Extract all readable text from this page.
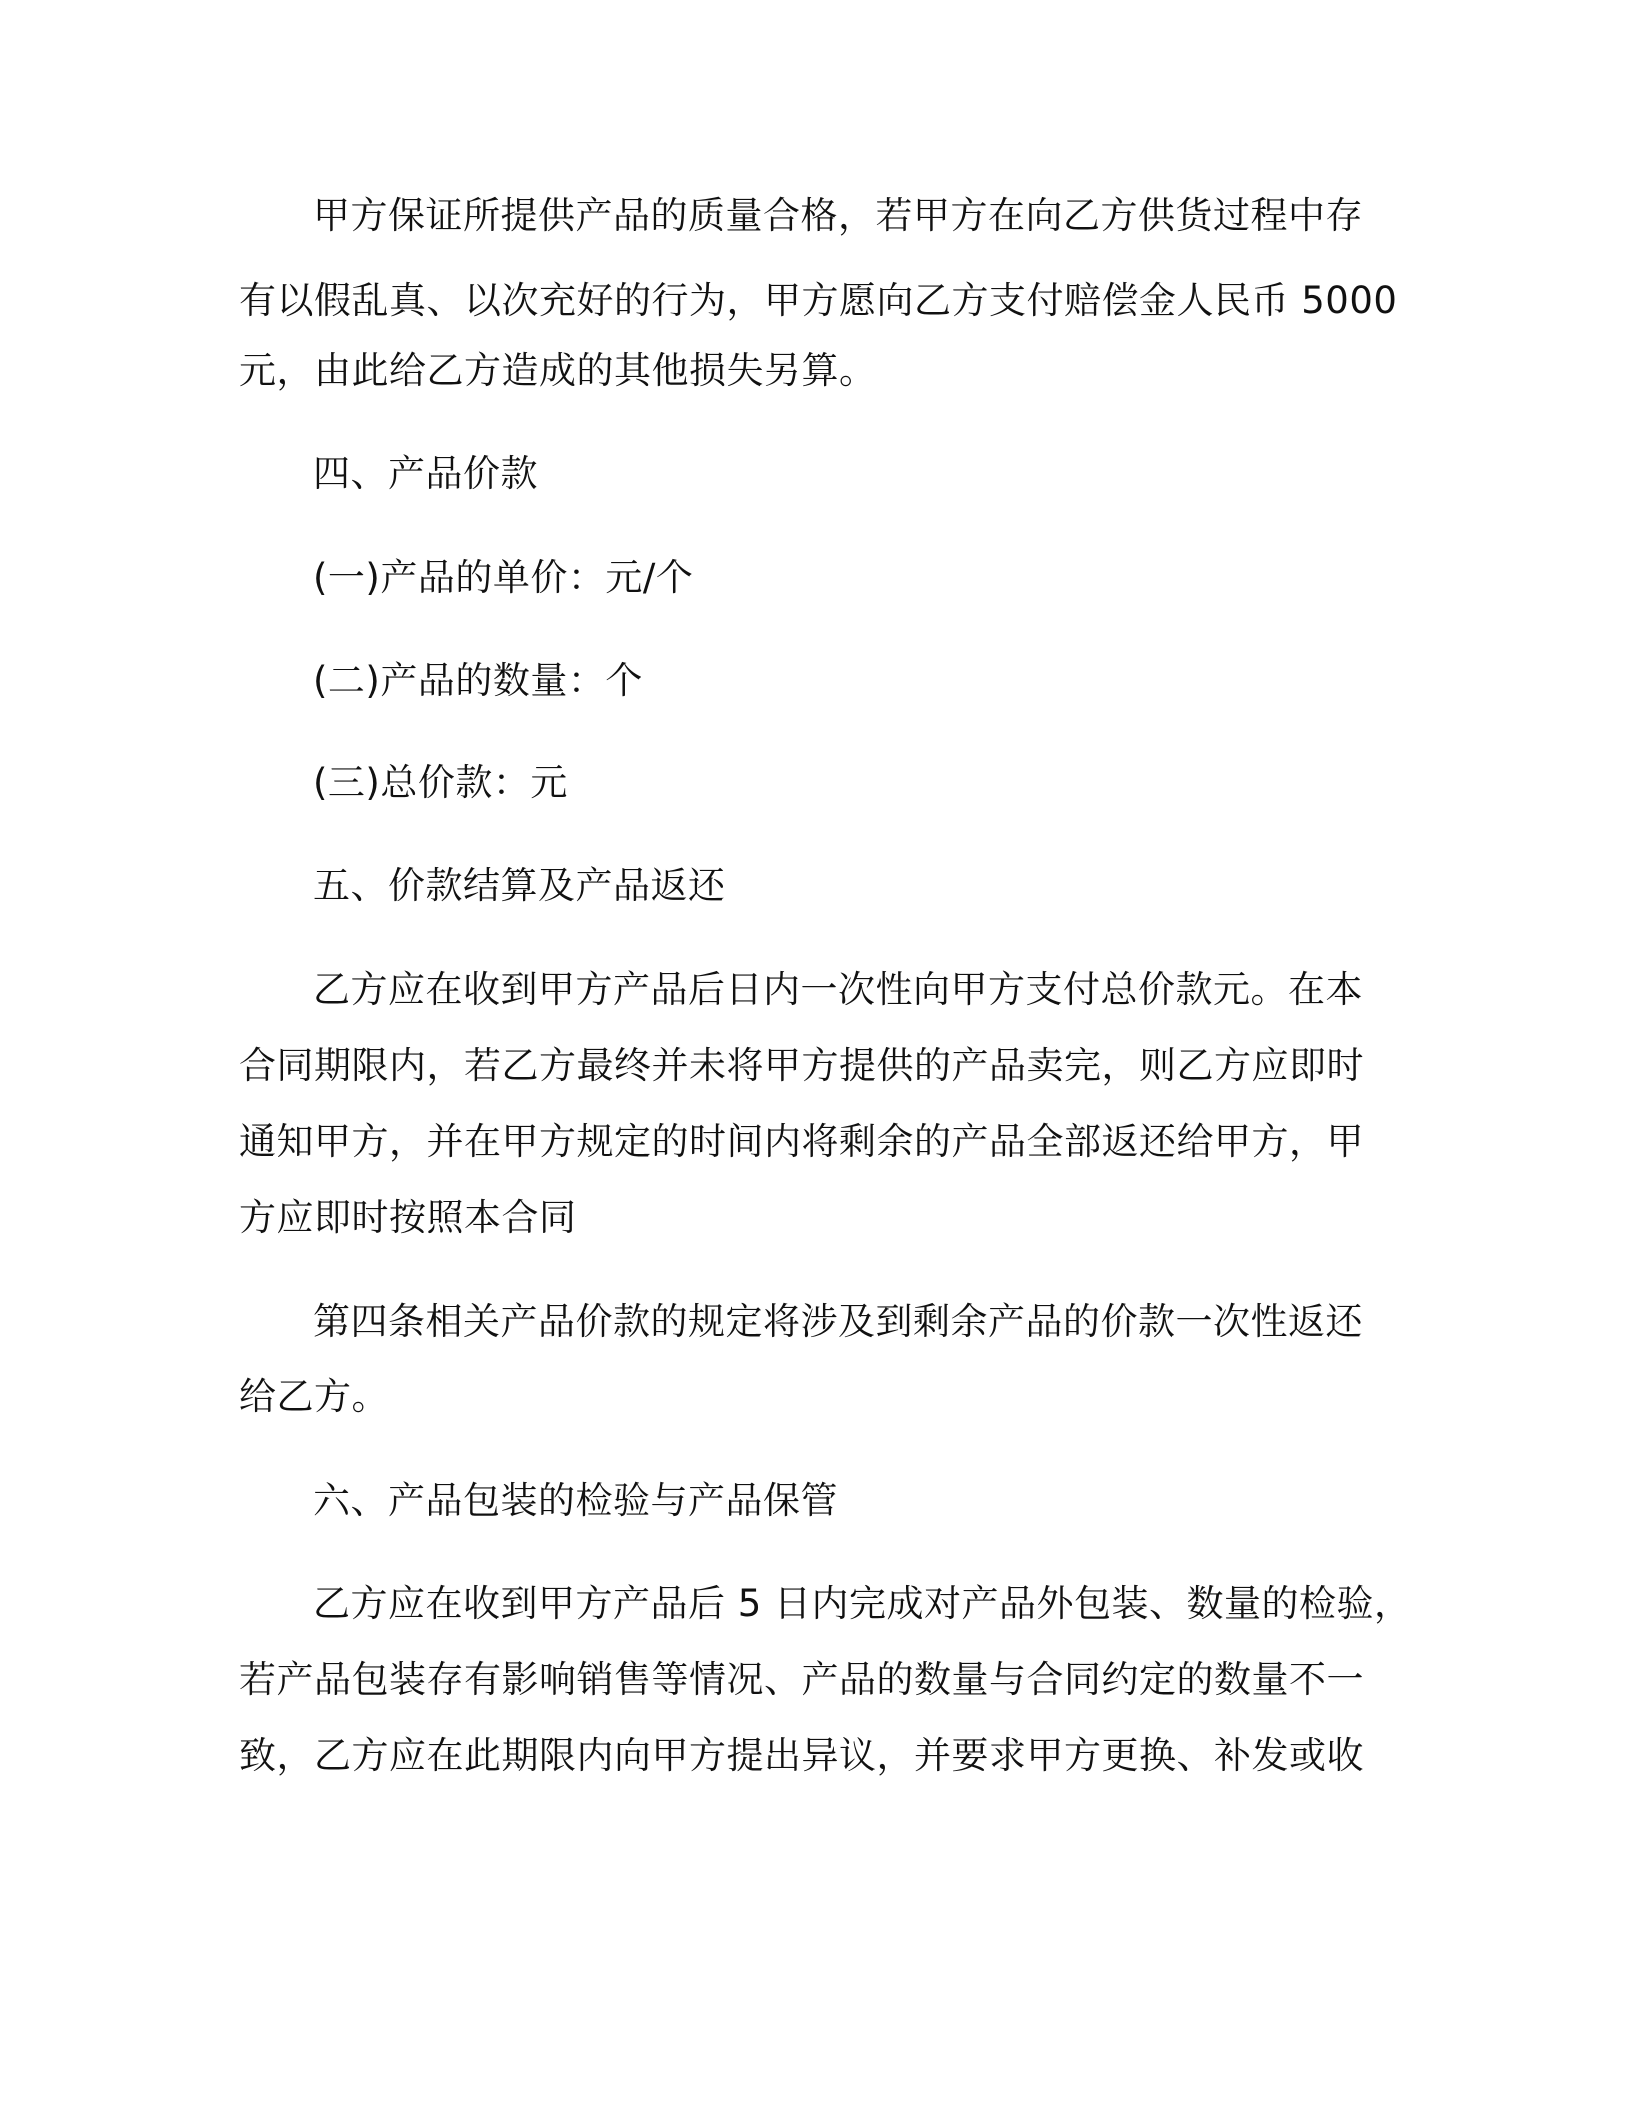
甲方保证所提供产品的质量合格，若甲方在向乙方供货过程中存
有以假乱真、以次充好的行为，甲方愿向乙方支付赔偿金人民币 5000
元，由此给乙方造成的其他损失另算。
四、产品价款
(一)产品的单价：元/个
(二)产品的数量：个
(三)总价款：元
五、价款结算及产品返还
乙方应在收到甲方产品后日内一次性向甲方支付总价款元。在本
合同期限内，若乙方最终并未将甲方提供的产品卖完，则乙方应即时
通知甲方，并在甲方规定的时间内将剩余的产品全部返还给甲方，甲
方应即时按照本合同
第四条相关产品价款的规定将涉及到剩余产品的价款一次性返还
给乙方。
六、产品包装的检验与产品保管
乙方应在收到甲方产品后 5 日内完成对产品外包装、数量的检验，
若产品包装存有影响销售等情况、产品的数量与合同约定的数量不一
致，乙方应在此期限内向甲方提出异议，并要求甲方更换、补发或收
